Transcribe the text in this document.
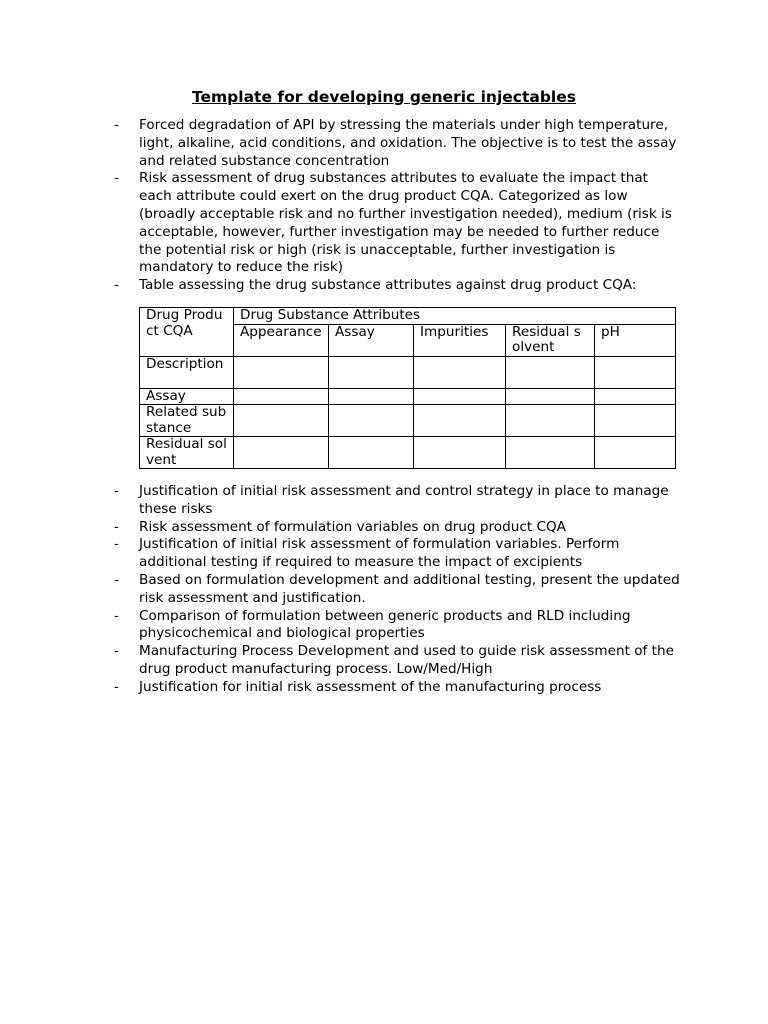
Template for developing generic injectables
- Forced degradation of API by stressing the materials under high temperature, light, alkaline, acid conditions, and oxidation. The objective is to test the assay and related substance concentration
- Risk assessment of drug substances attributes to evaluate the impact that each attribute could exert on the drug product CQA. Categorized as low (broadly acceptable risk and no further investigation needed), medium (risk is acceptable, however, further investigation may be needed to further reduce the potential risk or high (risk is unacceptable, further investigation is mandatory to reduce the risk)
- Table assessing the drug substance attributes against drug product CQA:
Drug Product CQA	Drug Substance Attributes				
	Appearance	Assay	Impurities	Residual solvent	pH
Description					
Assay					
Related substance					
Residual solvent					
- Justification of initial risk assessment and control strategy in place to manage these risks
- Risk assessment of formulation variables on drug product CQA
- Justification of initial risk assessment of formulation variables. Perform additional testing if required to measure the impact of excipients
- Based on formulation development and additional testing, present the updated risk assessment and justification.
- Comparison of formulation between generic products and RLD including physicochemical and biological properties
- Manufacturing Process Development and used to guide risk assessment of the drug product manufacturing process. Low/Med/High
- Justification for initial risk assessment of the manufacturing process
